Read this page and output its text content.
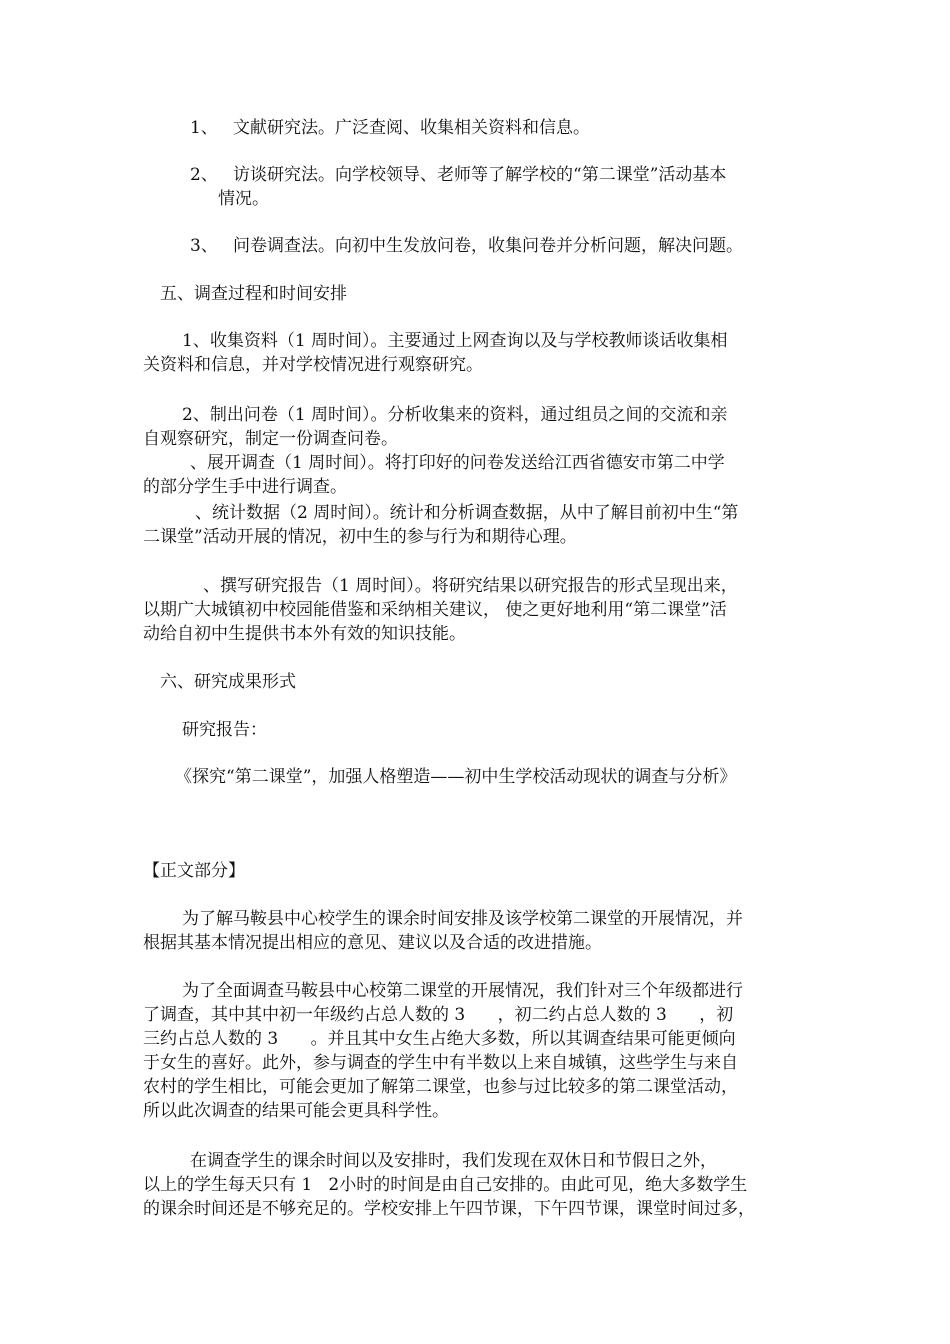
1、 文献研究法。广泛查阅、收集相关资料和信息。
2、 访谈研究法。向学校领导、老师等了解学校的“第二课堂”活动基本
情况。
3、 问卷调查法。向初中生发放问卷，收集问卷并分析问题，解决问题。
五、调查过程和时间安排
1、收集资料（1 周时间）。主要通过上网查询以及与学校教师谈话收集相
关资料和信息，并对学校情况进行观察研究。
2、制出问卷（1 周时间）。分析收集来的资料，通过组员之间的交流和亲
自观察研究，制定一份调查问卷。
、展开调查（1 周时间）。将打印好的问卷发送给江西省德安市第二中学
的部分学生手中进行调查。
、统计数据（2 周时间）。统计和分析调查数据，从中了解目前初中生“第
二课堂”活动开展的情况，初中生的参与行为和期待心理。
、撰写研究报告（1 周时间）。将研究结果以研究报告的形式呈现出来，
以期广大城镇初中校园能借鉴和采纳相关建议， 使之更好地利用“第二课堂”活
动给自初中生提供书本外有效的知识技能。
六、研究成果形式
研究报告：
《探究“第二课堂”，加强人格塑造——初中生学校活动现状的调查与分析》
【正文部分】
为了解马鞍县中心校学生的课余时间安排及该学校第二课堂的开展情况，并
根据其基本情况提出相应的意见、建议以及合适的改进措施。
为了全面调查马鞍县中心校第二课堂的开展情况，我们针对三个年级都进行
了调查，其中其中初一年级约占总人数的 3      ，初二约占总人数的 3      ，初
三约占总人数的 3      。并且其中女生占绝大多数，所以其调查结果可能更倾向
于女生的喜好。此外，参与调查的学生中有半数以上来自城镇，这些学生与来自
农村的学生相比，可能会更加了解第二课堂，也参与过比较多的第二课堂活动，
所以此次调查的结果可能会更具科学性。
在调查学生的课余时间以及安排时，我们发现在双休日和节假日之外，
以上的学生每天只有 1   2小时的时间是由自己安排的。由此可见，绝大多数学生
的课余时间还是不够充足的。学校安排上午四节课，下午四节课，课堂时间过多，
